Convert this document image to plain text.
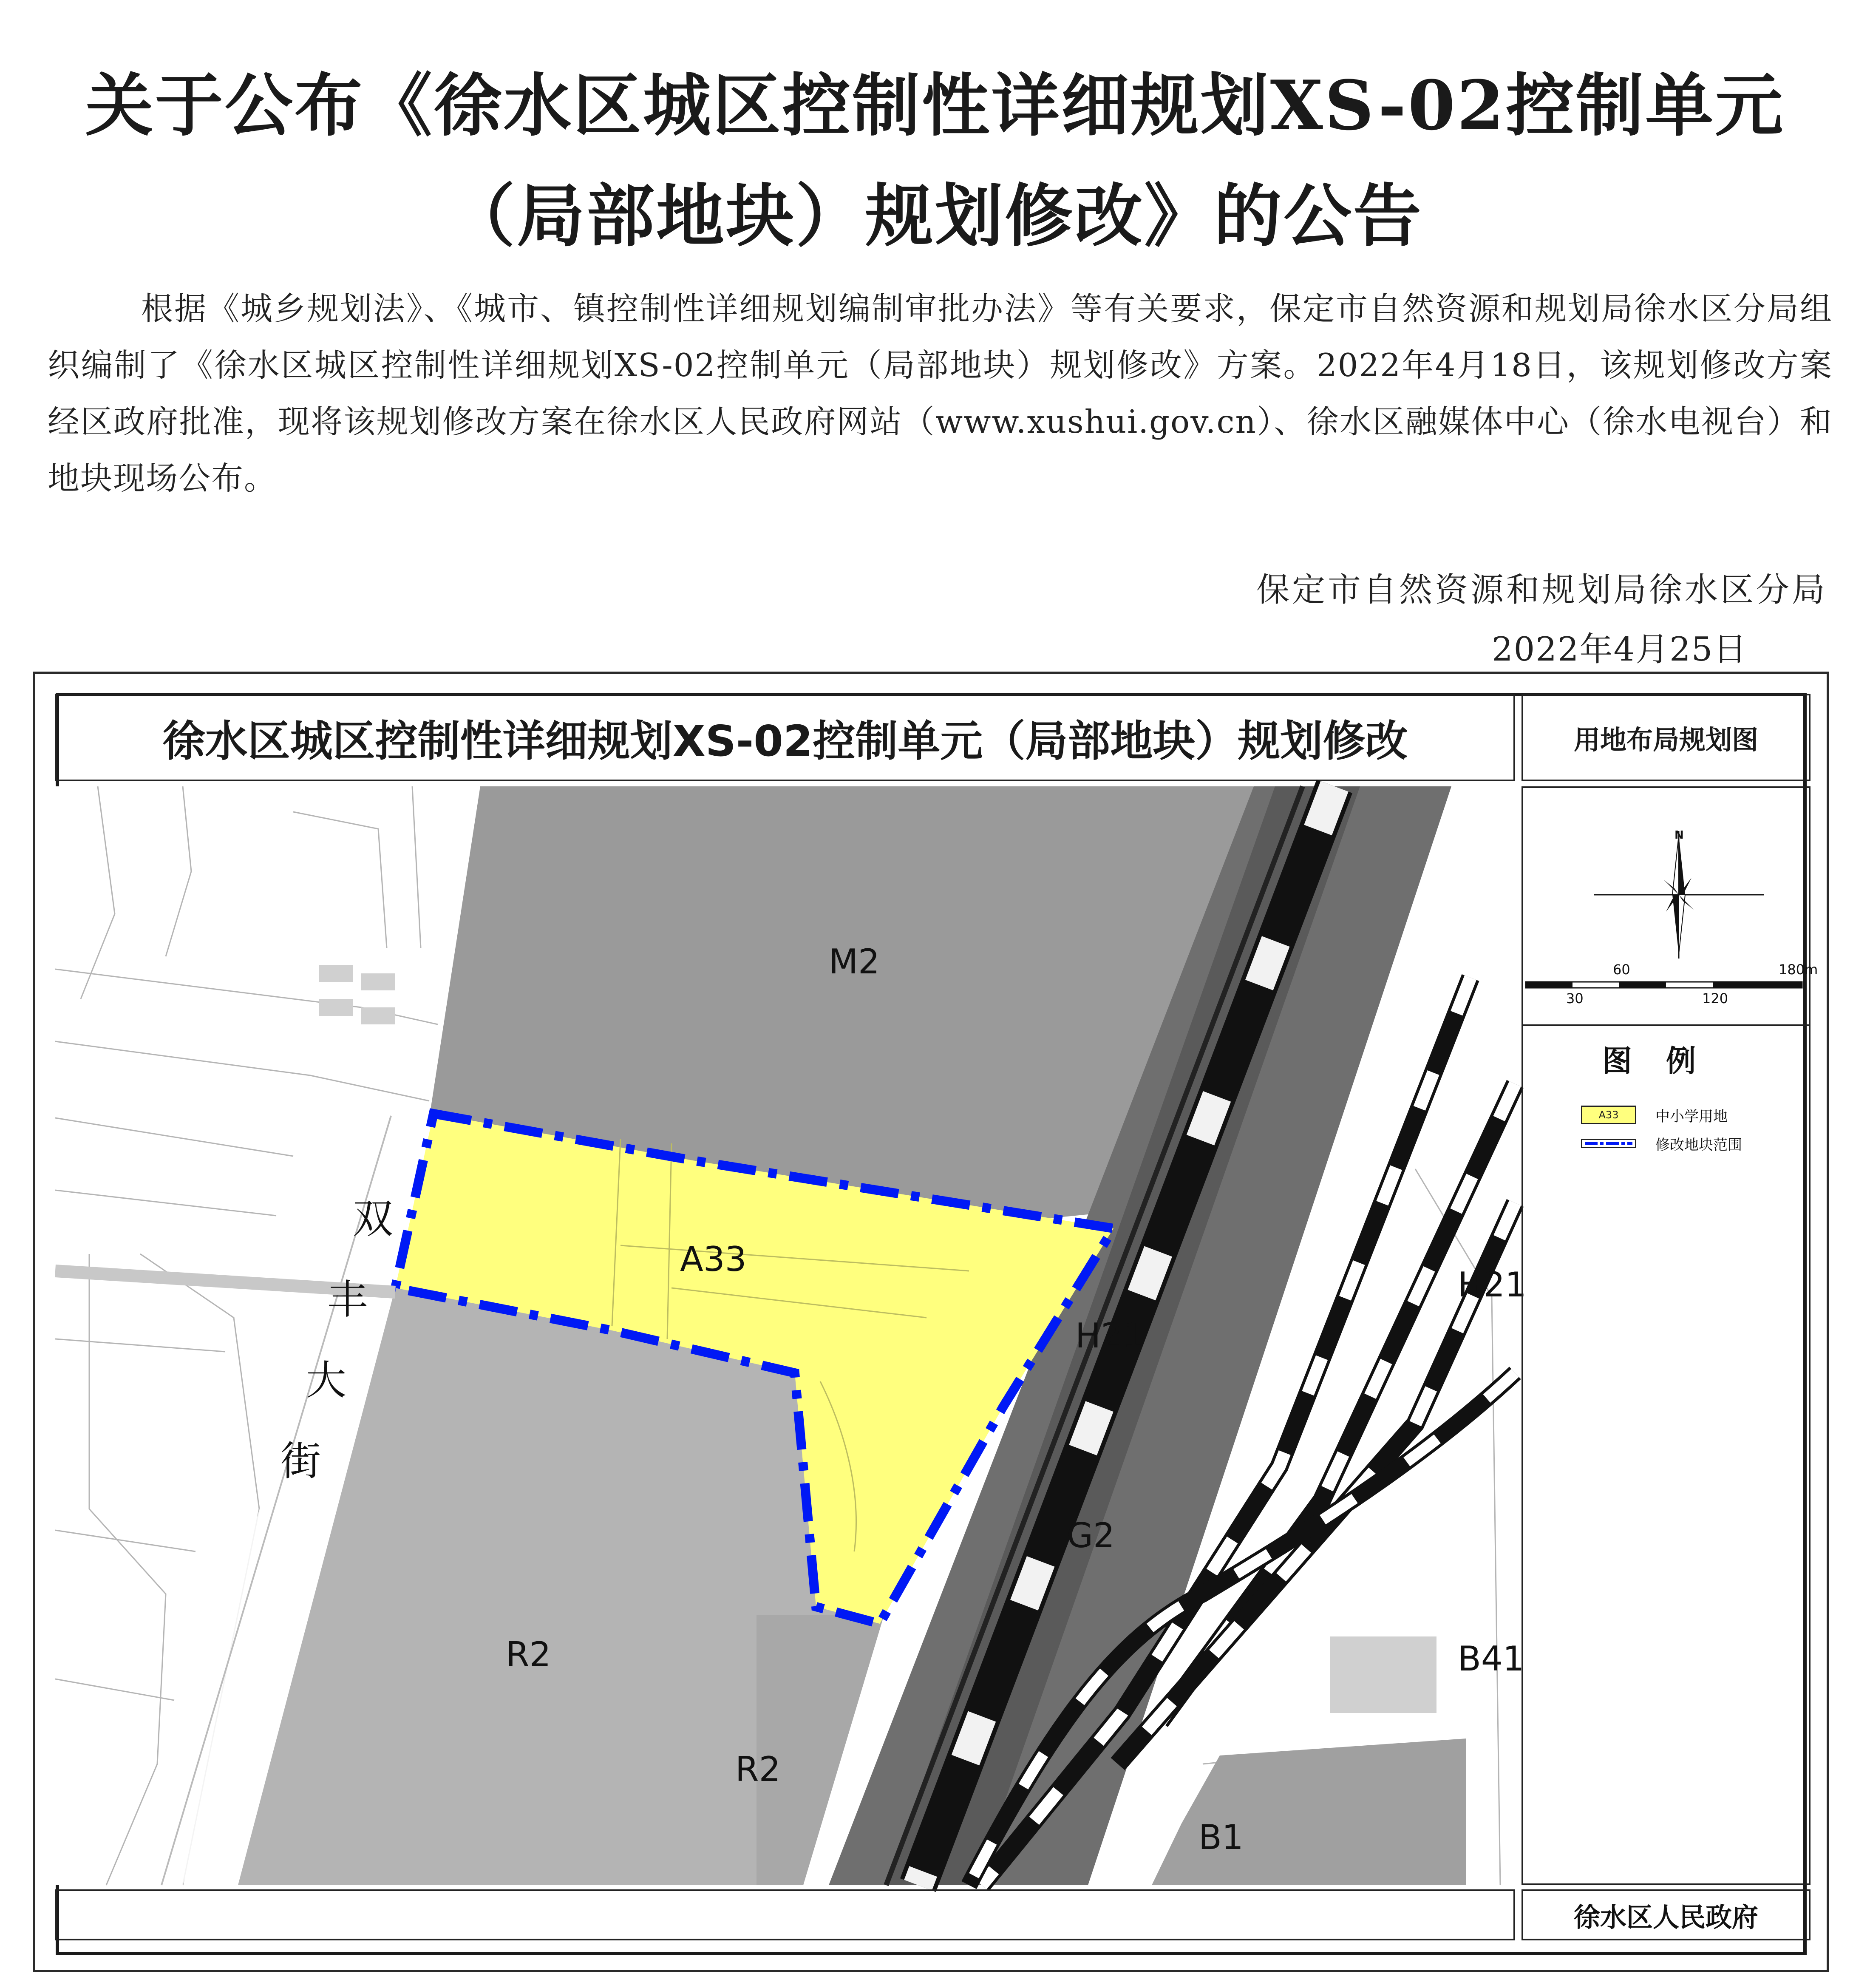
关于公布《徐水区城区控制性详细规划XS-02控制单元
（局部地块）规划修改》的公告

根据《城乡规划法》、《城市、镇控制性详细规划编制审批办法》等有关要求，保定市自然资源和规划局徐水区分局组织编制了《徐水区城区控制性详细规划XS-02控制单元（局部地块）规划修改》方案。2022年4月18日，该规划修改方案经区政府批准，现将该规划修改方案在徐水区人民政府网站（www.xushui.gov.cn）、徐水区融媒体中心（徐水电视台）和地块现场公布。

保定市自然资源和规划局徐水区分局
2022年4月25日
徐水区城区控制性详细规划XS-02控制单元（局部地块）规划修改	用地布局规划图
M2
A33
H21
H21
G2
R2
R2
B41
B1
双
丰
大
街
N
60	180m
30	120
图例
A33	中小学用地
修改地块范围
徐水区人民政府
